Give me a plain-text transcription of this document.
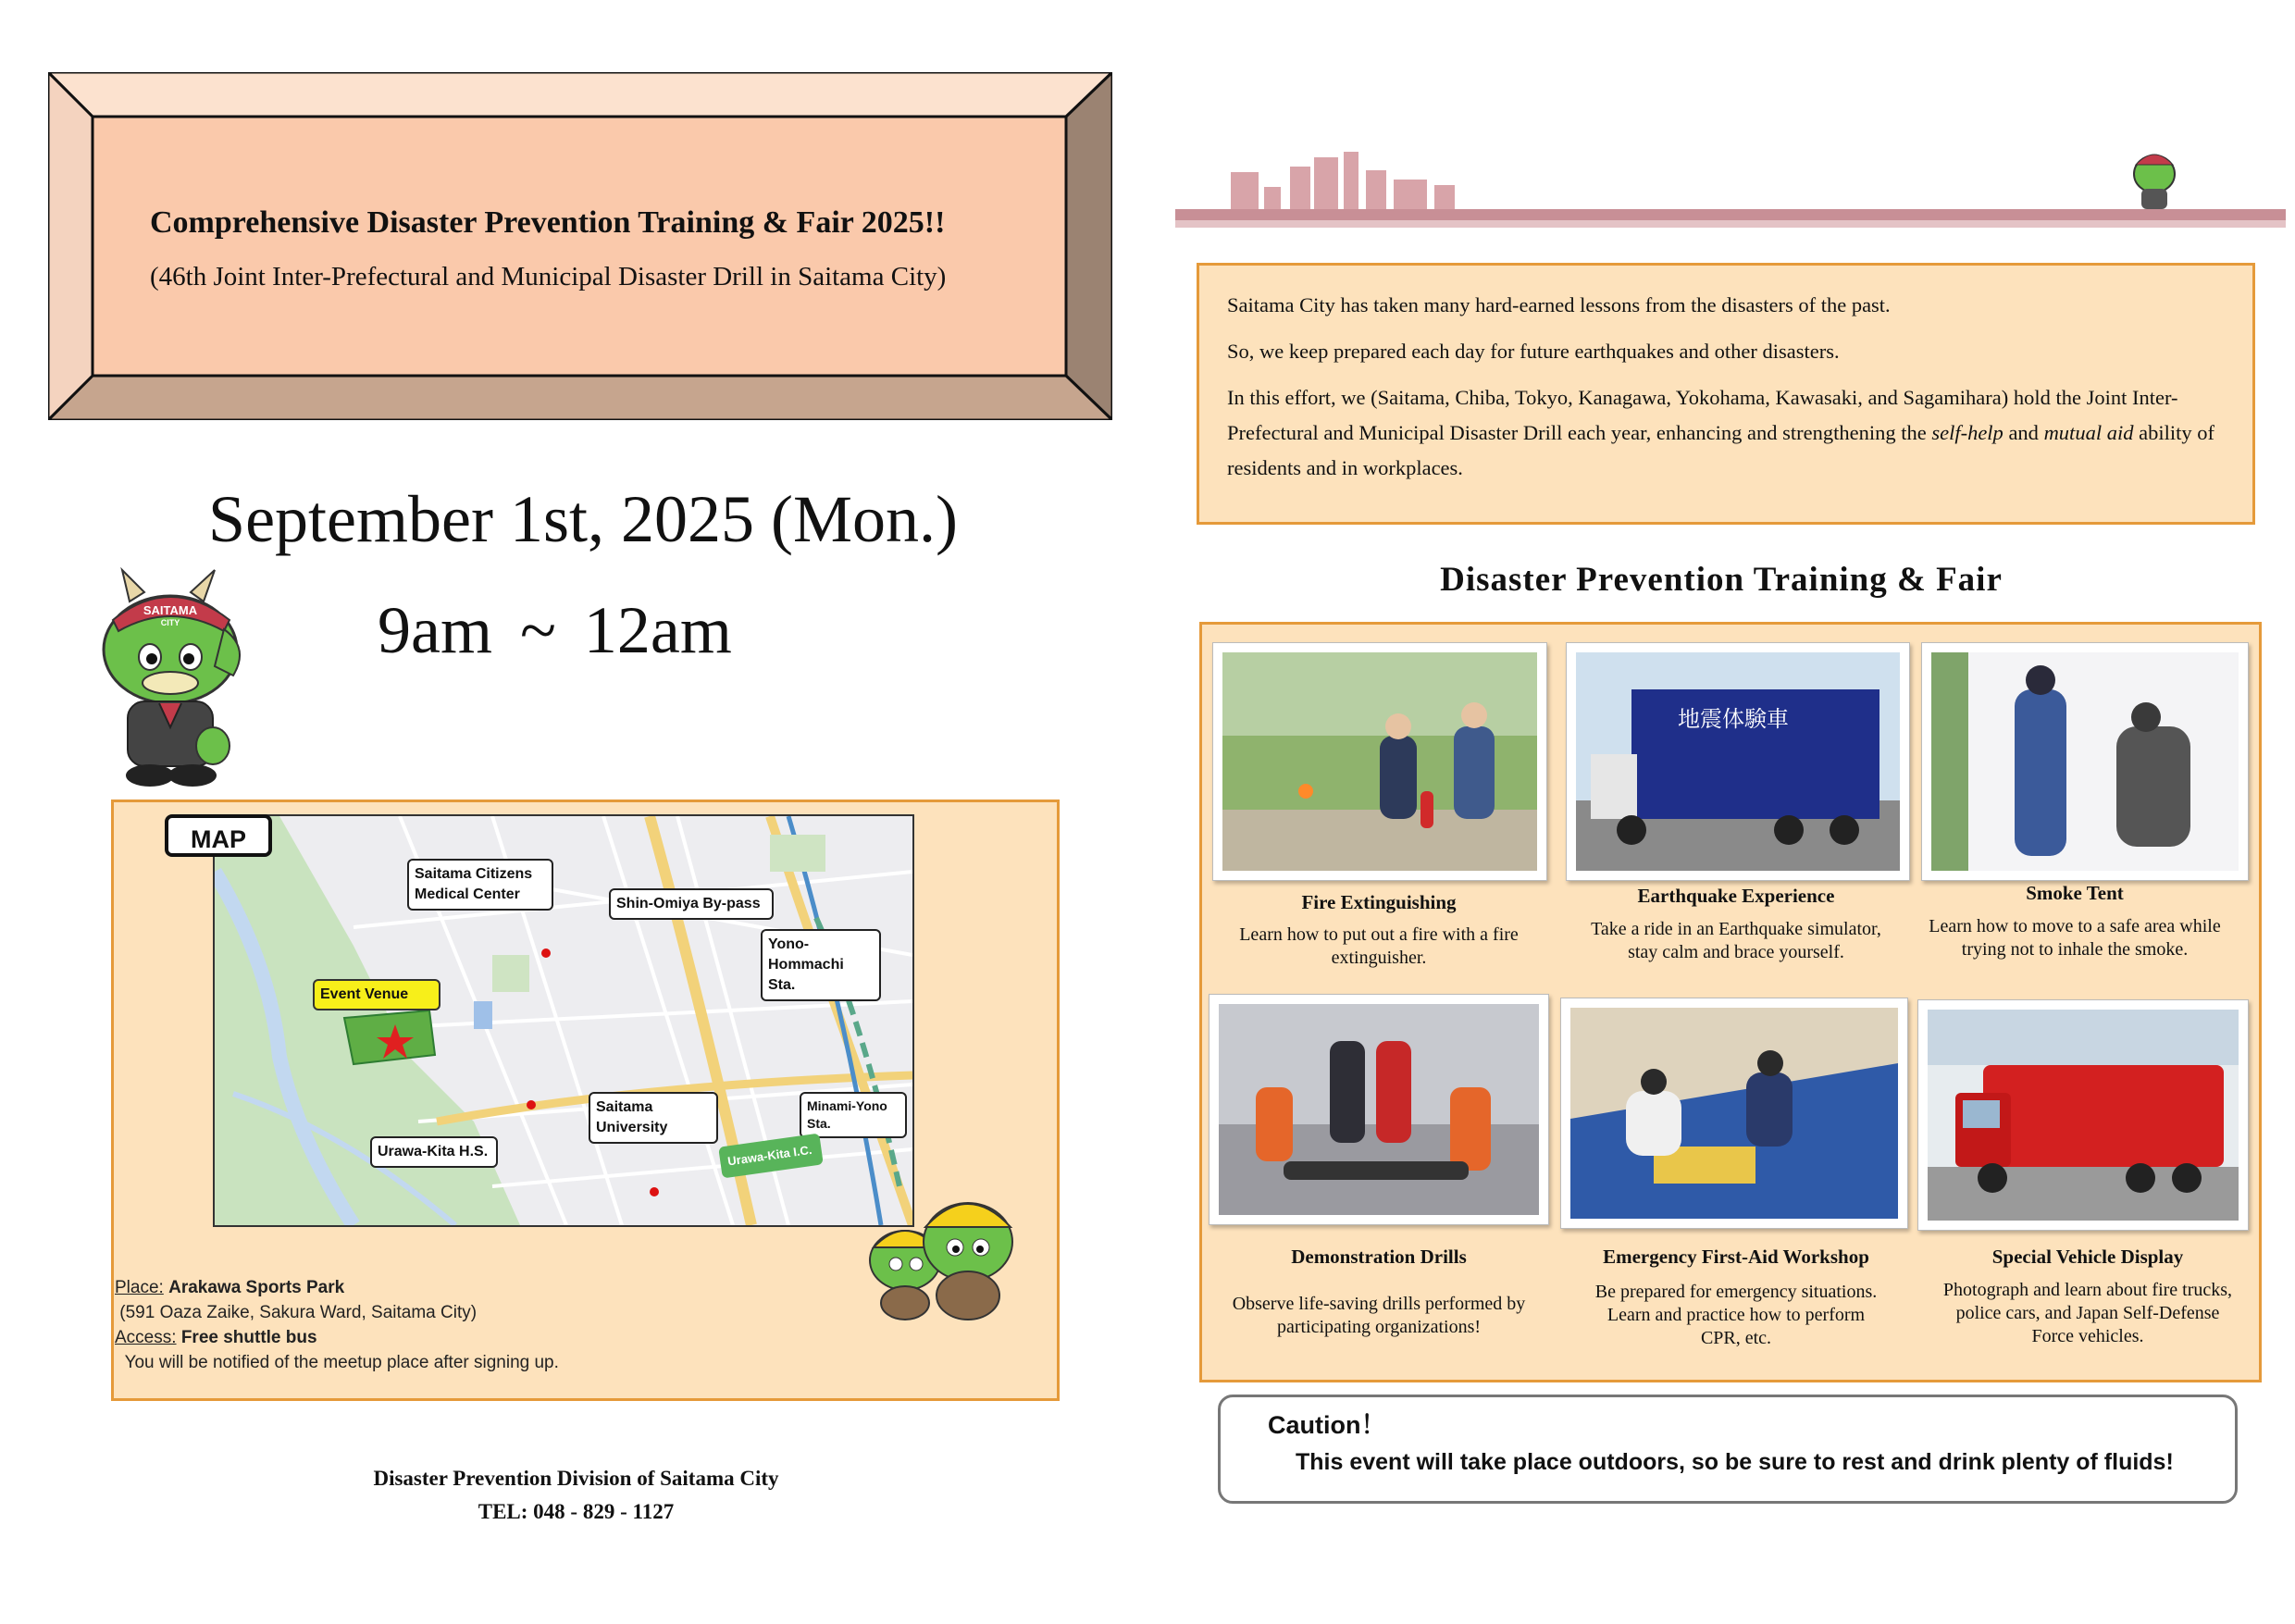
Comprehensive Disaster Prevention Training & Fair 2025!!
(46th Joint Inter-Prefectural and Municipal Disaster Drill in Saitama City)
September 1st, 2025 (Mon.)
9am ~ 12am
SAITAMA
CITY
MAP
Saitama Citizens Medical Center
Shin-Omiya By-pass
Yono-Hommachi Sta.
Event Venue
Saitama University
Minami-Yono Sta.
Urawa-Kita H.S.	Urawa-Kita I.C.
Place: Arakawa Sports Park
(591 Oaza Zaike, Sakura Ward, Saitama City)
Access: Free shuttle bus
You will be notified of the meetup place after signing up.
Disaster Prevention Division of Saitama City
TEL: 048 - 829 - 1127
Saitama City has taken many hard-earned lessons from the disasters of the past.
So, we keep prepared each day for future earthquakes and other disasters.
In this effort, we (Saitama, Chiba, Tokyo, Kanagawa, Yokohama, Kawasaki, and Sagamihara) hold the Joint Inter-Prefectural and Municipal Disaster Drill each year, enhancing and strengthening the self-help and mutual aid ability of residents and in workplaces.
Disaster Prevention Training & Fair
地震体験車
Fire Extinguishing
Learn how to put out a fire with a fire extinguisher.
Earthquake Experience
Take a ride in an Earthquake simulator, stay calm and brace yourself.
Smoke Tent
Learn how to move to a safe area while trying not to inhale the smoke.
Demonstration Drills
Observe life-saving drills performed by participating organizations!
Emergency First-Aid Workshop
Be prepared for emergency situations. Learn and practice how to perform CPR, etc.
Special Vehicle Display
Photograph and learn about fire trucks, police cars, and Japan Self-Defense Force vehicles.
Caution！
This event will take place outdoors, so be sure to rest and drink plenty of fluids!
